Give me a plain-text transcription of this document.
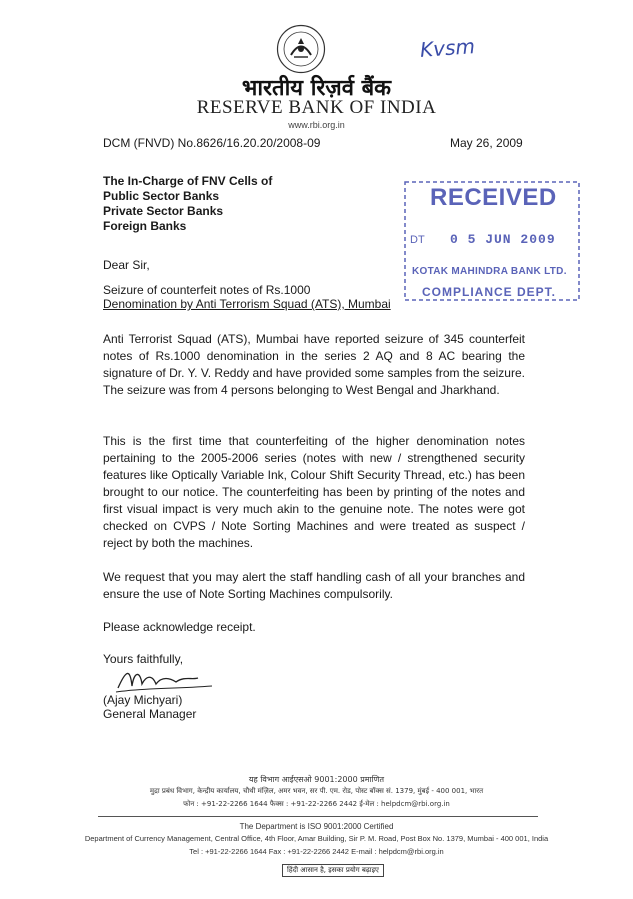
भारतीय रिज़र्व बैंक
RESERVE BANK OF INDIA
www.rbi.org.in
Kvsm
DCM (FNVD) No.8626/16.20.20/2008-09	May 26, 2009
The In-Charge of FNV Cells of
Public Sector Banks
Private Sector Banks
Foreign Banks
RECEIVED
DT 0 5 JUN 2009
KOTAK MAHINDRA BANK LTD.
COMPLIANCE DEPT.
Dear Sir,
Seizure of counterfeit notes of Rs.1000
Denomination by Anti Terrorism Squad (ATS), Mumbai

Anti Terrorist Squad (ATS), Mumbai have reported seizure of 345 counterfeit notes of Rs.1000 denomination in the series 2 AQ and 8 AC bearing the signature of Dr. Y. V. Reddy and have provided some samples from the seizure. The seizure was from 4 persons belonging to West Bengal and Jharkhand.

This is the first time that counterfeiting of the higher denomination notes pertaining to the 2005-2006 series (notes with new / strengthened security features like Optically Variable Ink, Colour Shift Security Thread, etc.) has been brought to our notice. The counterfeiting has been by printing of the notes and first visual impact is very much akin to the genuine note. The notes were got checked on CVPS / Note Sorting Machines and were treated as suspect / reject by both the machines.

We request that you may alert the staff handling cash of all your branches and ensure the use of Note Sorting Machines compulsorily.

Please acknowledge receipt.
Yours faithfully,
(Ajay Michyari)
General Manager
यह विभाग आईएसओ 9001:2000 प्रमाणित
मुद्रा प्रबंध विभाग, केन्द्रीय कार्यालय, चौथी मंज़िल, अमर भवन, सर पी. एम. रोड, पोस्ट बॉक्स सं. 1379, मुंबई - 400 001, भारत
फोन : +91-22-2266 1644 फैक्स : +91-22-2266 2442 ई-मेल : helpdcm@rbi.org.in
The Department is ISO 9001:2000 Certified
Department of Currency Management, Central Office, 4th Floor, Amar Building, Sir P. M. Road, Post Box No. 1379, Mumbai - 400 001, India
Tel : +91-22-2266 1644 Fax : +91-22-2266 2442 E-mail : helpdcm@rbi.org.in
हिंदी आसान है, इसका प्रयोग बढ़ाइए
